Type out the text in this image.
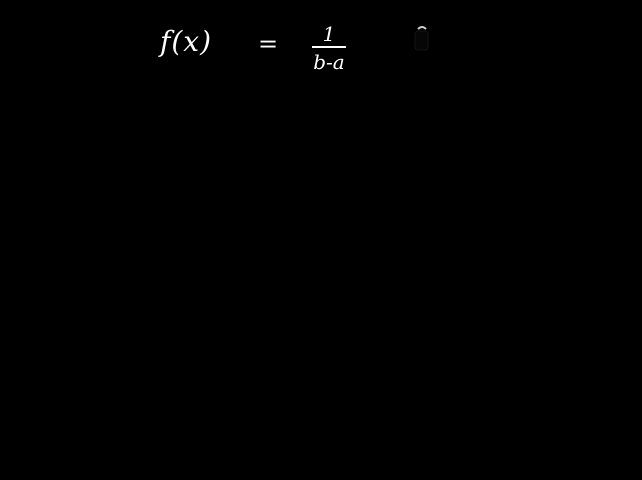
f(x) =	1
b-a
